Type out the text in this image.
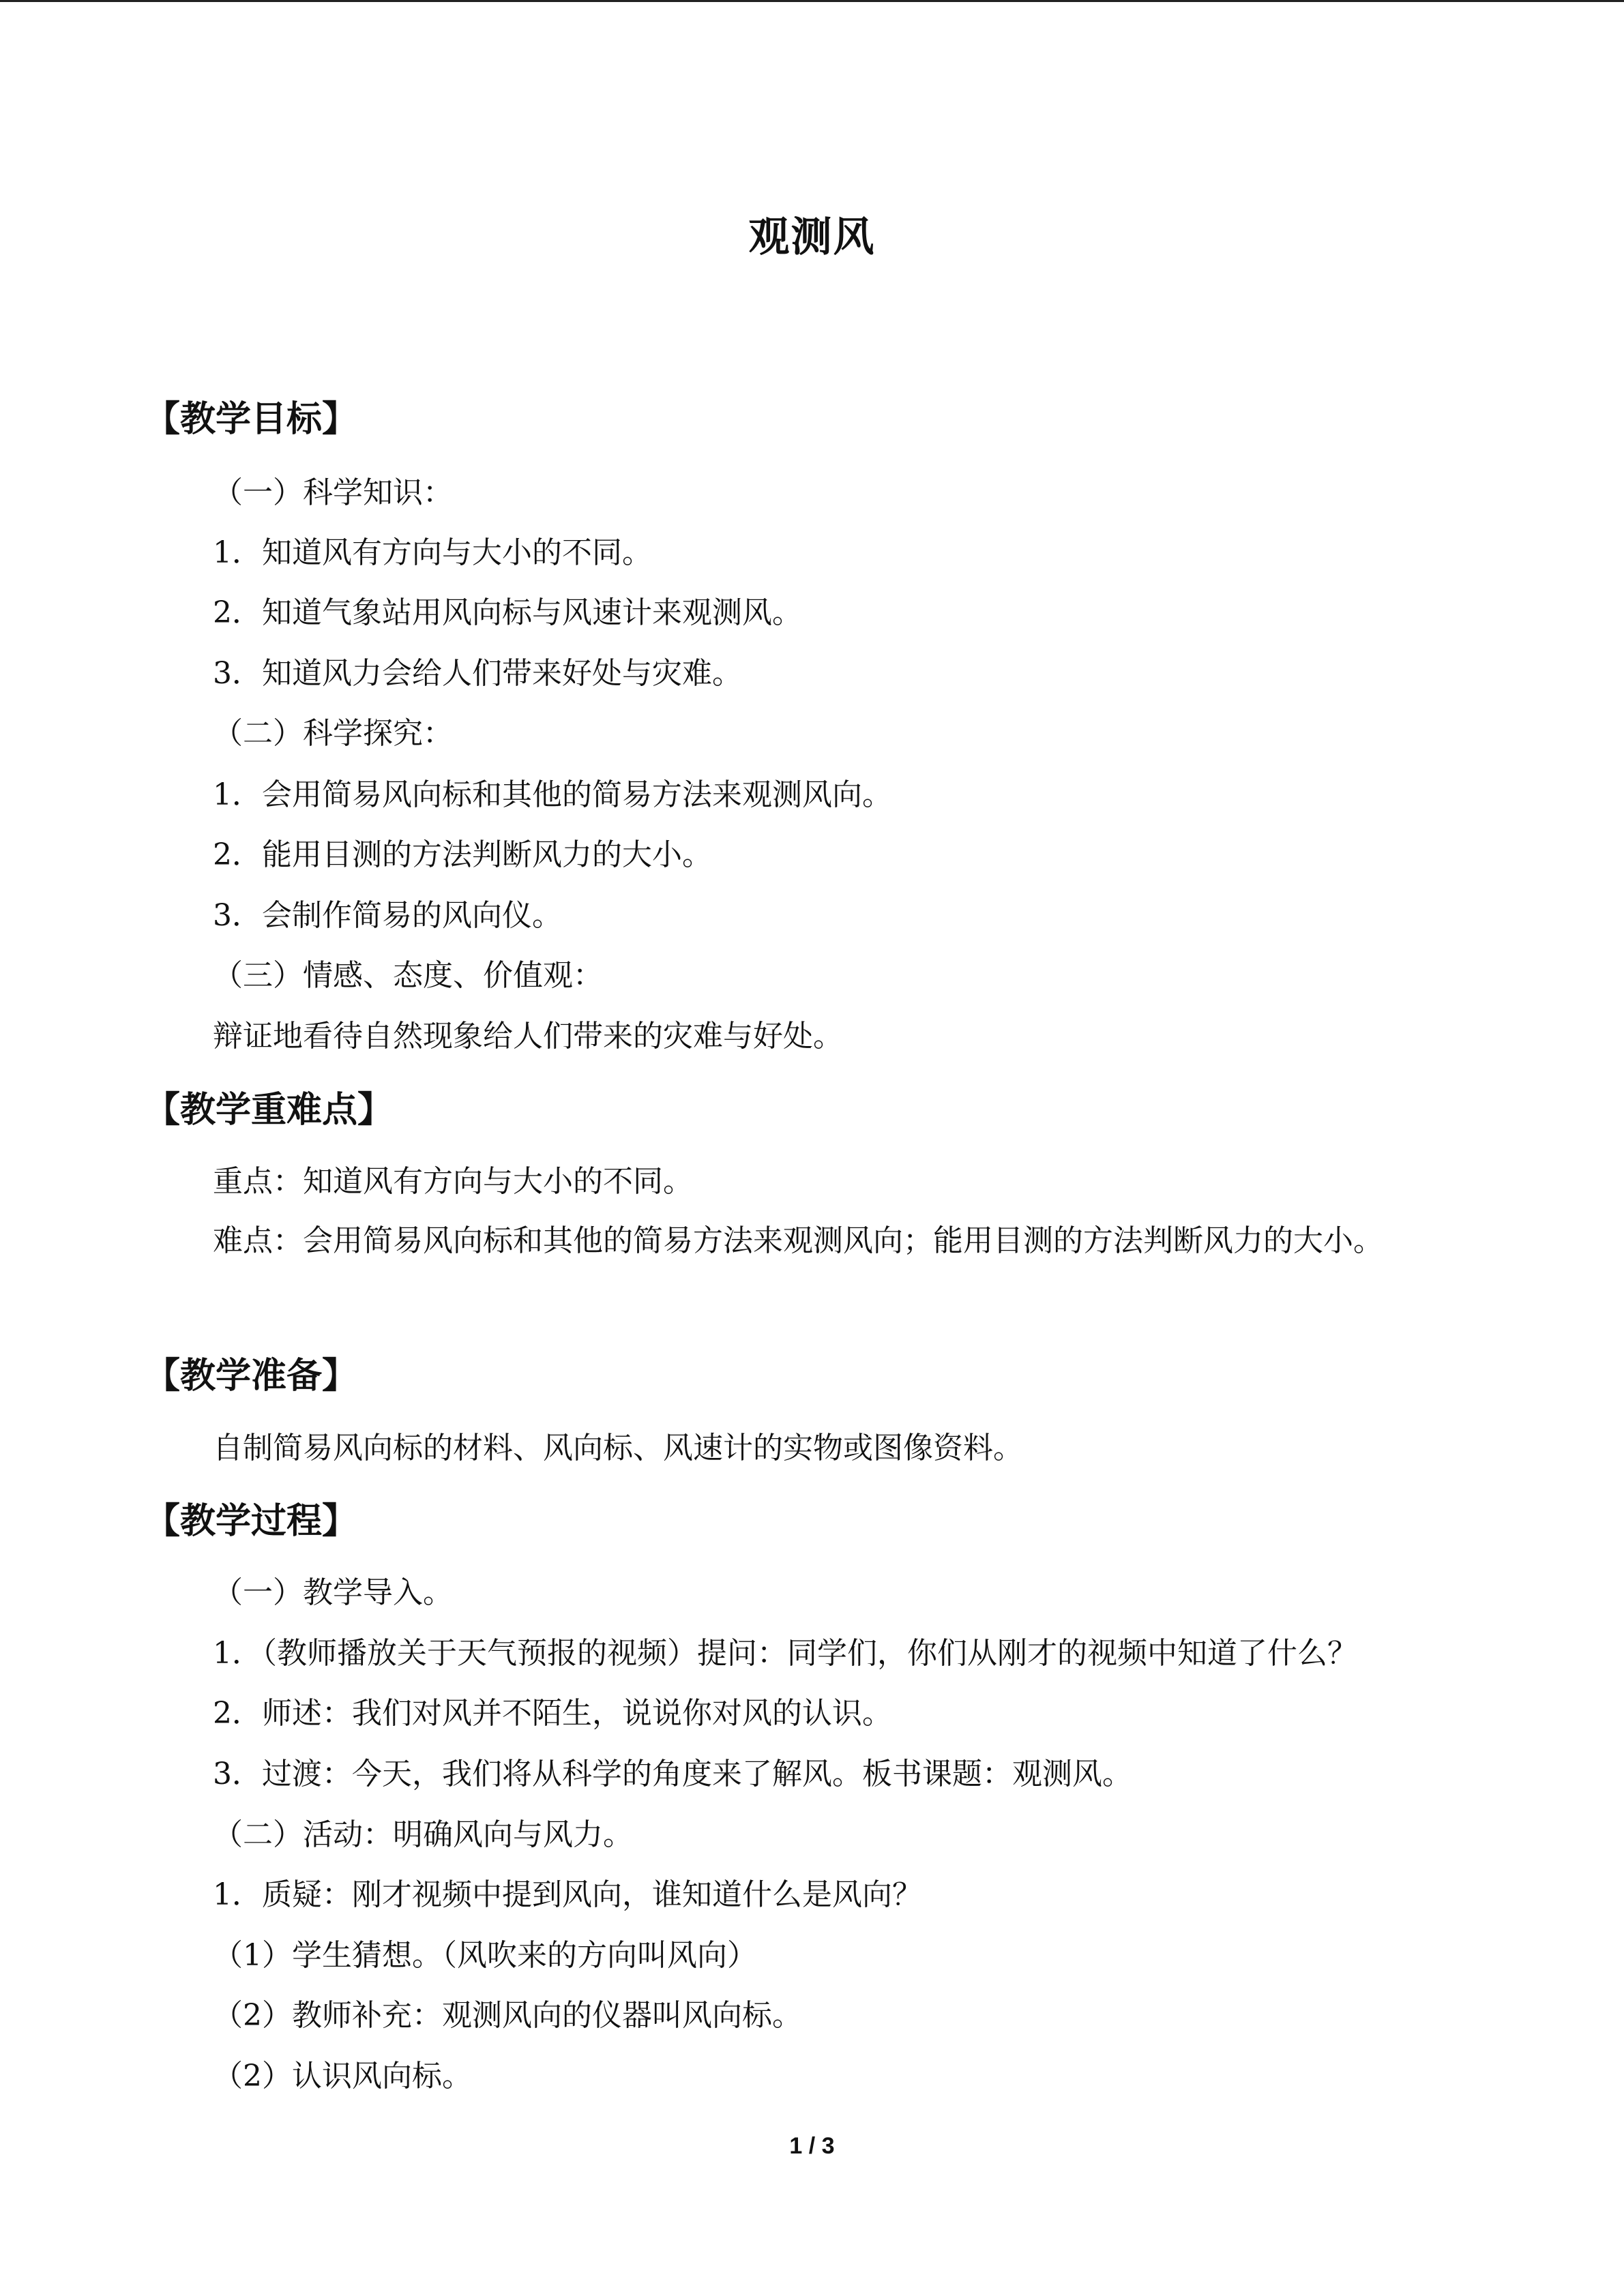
观测风
【教学目标】
（一）科学知识：
1．知道风有方向与大小的不同。
2．知道气象站用风向标与风速计来观测风。
3．知道风力会给人们带来好处与灾难。
（二）科学探究：
1．会用简易风向标和其他的简易方法来观测风向。
2．能用目测的方法判断风力的大小。
3．会制作简易的风向仪。
（三）情感、态度、价值观：
辩证地看待自然现象给人们带来的灾难与好处。
【教学重难点】
重点：知道风有方向与大小的不同。
难点：会用简易风向标和其他的简易方法来观测风向；能用目测的方法判断风力的大小。
【教学准备】
自制简易风向标的材料、风向标、风速计的实物或图像资料。
【教学过程】
（一）教学导入。
1．（教师播放关于天气预报的视频）提问：同学们，你们从刚才的视频中知道了什么？
2．师述：我们对风并不陌生，说说你对风的认识。
3．过渡：今天，我们将从科学的角度来了解风。板书课题：观测风。
（二）活动：明确风向与风力。
1．质疑：刚才视频中提到风向，谁知道什么是风向？
（1）学生猜想。（风吹来的方向叫风向）
（2）教师补充：观测风向的仪器叫风向标。
（2）认识风向标。
1 / 3
